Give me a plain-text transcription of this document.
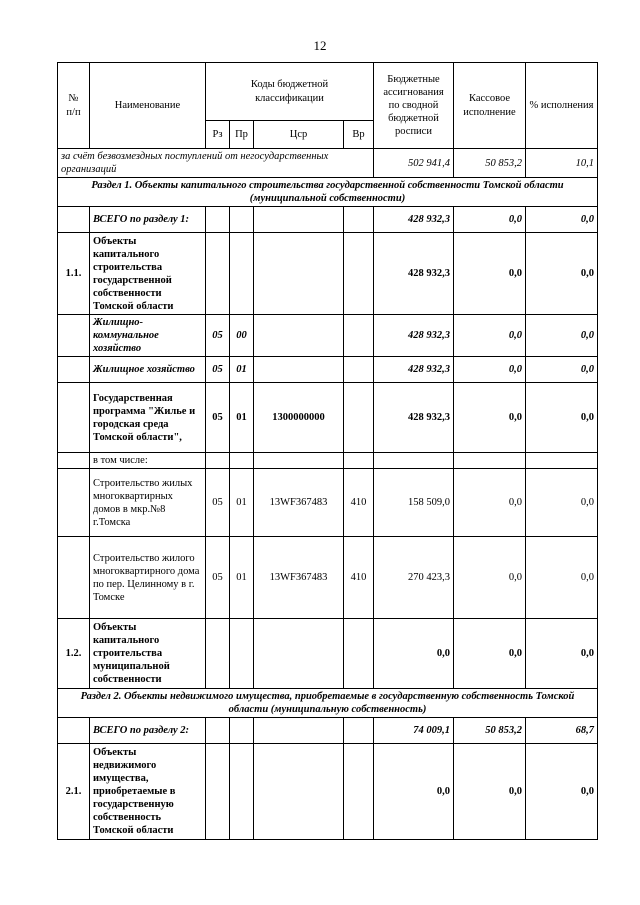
12
№
п/п	Наименование	Коды бюджетной классификации				Бюджетные ассигнования по сводной бюджетной росписи	Кассовое исполнение	% исполнения
		Рз	Пр	Цср	Вр			
за счёт безвозмездных поступлений от негосударственных организаций						502 941,4	50 853,2	10,1
Раздел 1. Объекты капитального строительства государственной собственности Томской области (муниципальной собственности)								
	ВСЕГО по разделу 1:					428 932,3	0,0	0,0
1.1.	Объекты капитального строительства государственной собственности Томской области					428 932,3	0,0	0,0
	Жилищно-коммунальное хозяйство	05	00			428 932,3	0,0	0,0
	Жилищное хозяйство	05	01			428 932,3	0,0	0,0
	Государственная программа "Жилье и городская среда Томской области",	05	01	1300000000		428 932,3	0,0	0,0
	в том числе:							
	Строительство жилых многоквартирных домов в мкр.№8 г.Томска	05	01	13WF367483	410	158 509,0	0,0	0,0
	Строительство жилого многоквартирного дома по пер. Целинному в г. Томске	05	01	13WF367483	410	270 423,3	0,0	0,0
1.2.	Объекты капитального строительства муниципальной собственности					0,0	0,0	0,0
Раздел 2. Объекты недвижимого имущества, приобретаемые в государственную собственность Томской области (муниципальную собственность)								
	ВСЕГО по разделу 2:					74 009,1	50 853,2	68,7
2.1.	Объекты недвижимого имущества, приобретаемые в государственную собственность Томской области					0,0	0,0	0,0
